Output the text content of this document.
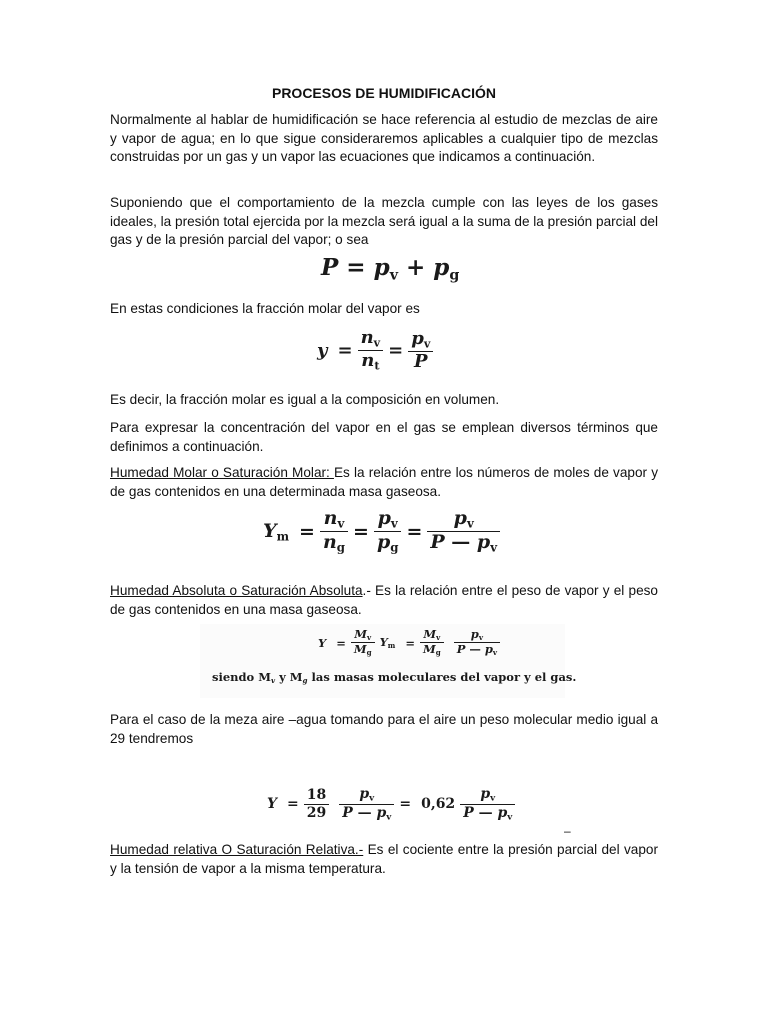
PROCESOS DE HUMIDIFICACIÓN

Normalmente al hablar de humidificación se hace referencia al estudio de mezclas de aire y vapor de agua; en lo que sigue consideraremos aplicables a cualquier tipo de mezclas construidas por un gas y un vapor las ecuaciones que indicamos a continuación.

Suponiendo que el comportamiento de la mezcla cumple con las leyes de los gases ideales, la presión total ejercida por la mezcla será igual a la suma de la presión parcial del gas y de la presión parcial del vapor; o sea

$P = p_v + p_g$

En estas condiciones la fracción molar del vapor es

$y = \frac{n_v}{n_t} = \frac{p_v}{P}$

Es decir, la fracción molar es igual a la composición en volumen.

Para expresar la concentración del vapor en el gas se emplean diversos términos que definimos a continuación.

Humedad Molar o Saturación Molar: Es la relación entre los números de moles de vapor y de gas contenidos en una determinada masa gaseosa.

$Y_m = \frac{n_v}{n_g} = \frac{p_v}{p_g} = \frac{p_v}{P — p_v}$

Humedad Absoluta o Saturación Absoluta.- Es la relación entre el peso de vapor y el peso de gas contenidos en una masa gaseosa.

$Y = \frac{M_v}{M_g} Y_m = \frac{M_v}{M_g} \frac{p_v}{P — p_v}$
siendo $M_v$ y $M_g$ las masas moleculares del vapor y el gas.

Para el caso de la meza aire –agua tomando para el aire un peso molecular medio igual a 29 tendremos

$Y = \frac{18}{29} \frac{p_v}{P — p_v} = 0,62 \frac{p_v}{P — p_v}$
–

Humedad relativa O Saturación Relativa.- Es el cociente entre la presión parcial del vapor y la tensión de vapor a la misma temperatura.
